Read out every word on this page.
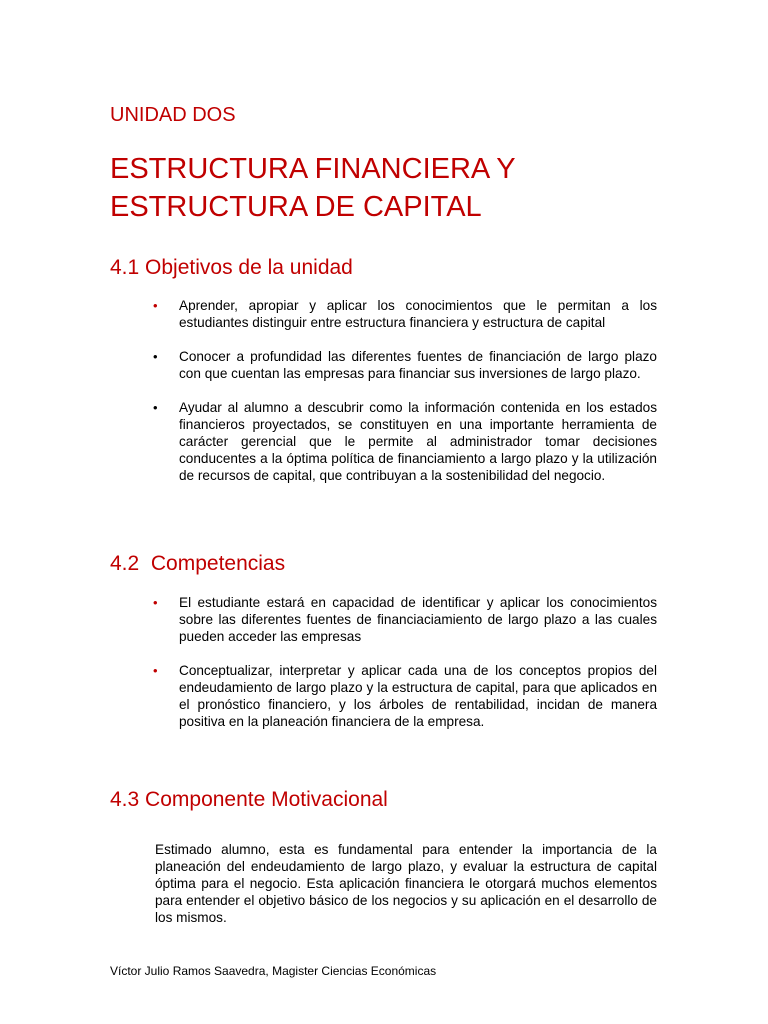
UNIDAD DOS
ESTRUCTURA FINANCIERA Y
ESTRUCTURA DE CAPITAL
4.1 Objetivos de la unidad
• Aprender, apropiar y aplicar los conocimientos que le permitan a los estudiantes distinguir entre estructura financiera y estructura de capital
• Conocer a profundidad las diferentes fuentes de financiación de largo plazo con que cuentan las empresas para financiar sus inversiones de largo plazo.
• Ayudar al alumno a descubrir como la información contenida en los estados financieros proyectados, se constituyen en una importante herramienta de carácter gerencial que le permite al administrador tomar decisiones conducentes a la óptima política de financiamiento a largo plazo y la utilización de recursos de capital, que contribuyan a la sostenibilidad del negocio.
4.2 Competencias
• El estudiante estará en capacidad de identificar y aplicar los conocimientos sobre las diferentes fuentes de financiaciamiento de largo plazo a las cuales pueden acceder las empresas
• Conceptualizar, interpretar y aplicar cada una de los conceptos propios del endeudamiento de largo plazo y la estructura de capital, para que aplicados en el pronóstico financiero, y los árboles de rentabilidad, incidan de manera positiva en la planeación financiera de la empresa.
4.3 Componente Motivacional

Estimado alumno, esta es fundamental para entender la importancia de la planeación del endeudamiento de largo plazo, y evaluar la estructura de capital óptima para el negocio. Esta aplicación financiera le otorgará muchos elementos para entender el objetivo básico de los negocios y su aplicación en el desarrollo de los mismos.

Víctor Julio Ramos Saavedra, Magister Ciencias Económicas
